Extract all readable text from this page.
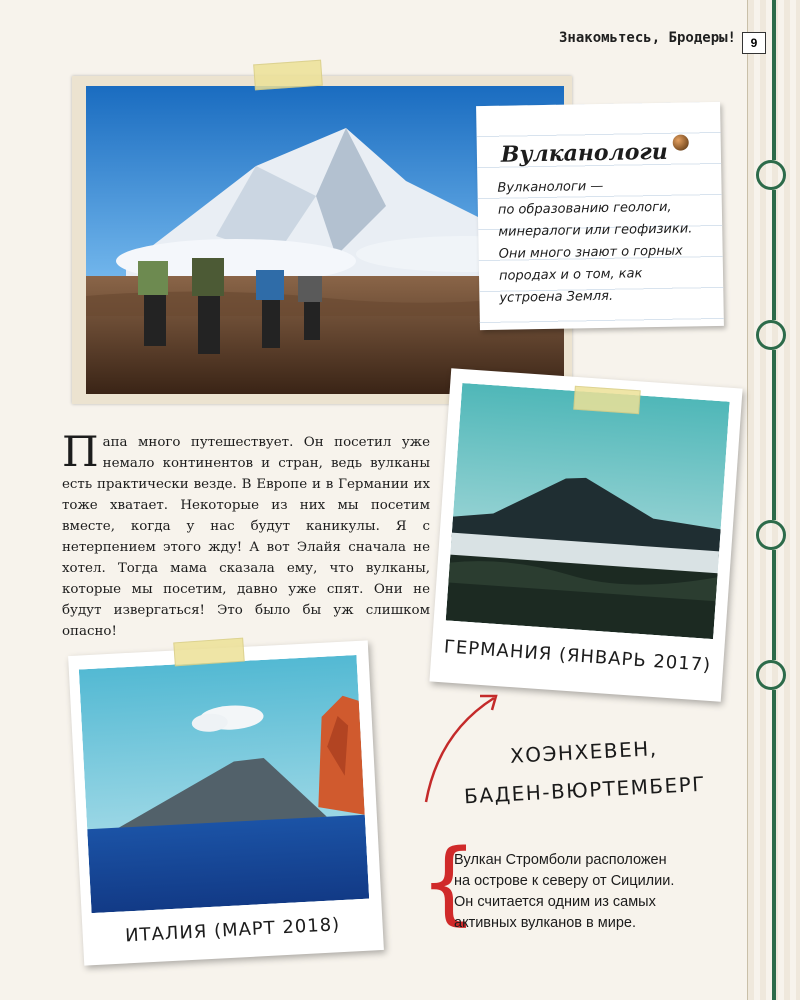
Знакомьтесь, Бродеры!	9
Вулканологи
Вулканологи —
по образованию геологи,
минералоги или геофизики.
Они много знают о горных
породах и о том, как
устроена Земля.
Папа много путешествует. Он посетил уже немало континентов и стран, ведь вулканы есть практически везде. В Европе и в Германии их тоже хватает. Некоторые из них мы посетим вместе, когда у нас будут каникулы. Я с нетерпением этого жду! А вот Элайя сначала не хотел. Тогда мама сказала ему, что вулканы, которые мы посетим, давно уже спят. Они не будут извергаться! Это было бы уж слишком опасно!
ГЕРМАНИЯ (ЯНВАРЬ 2017)
ИТАЛИЯ (МАРТ 2018)
ХОЭНХЕВЕН,
БАДЕН-ВЮРТЕМБЕРГ
{
Вулкан Стромболи расположен
на острове к северу от Сицилии.
Он считается одним из самых
активных вулканов в мире.
